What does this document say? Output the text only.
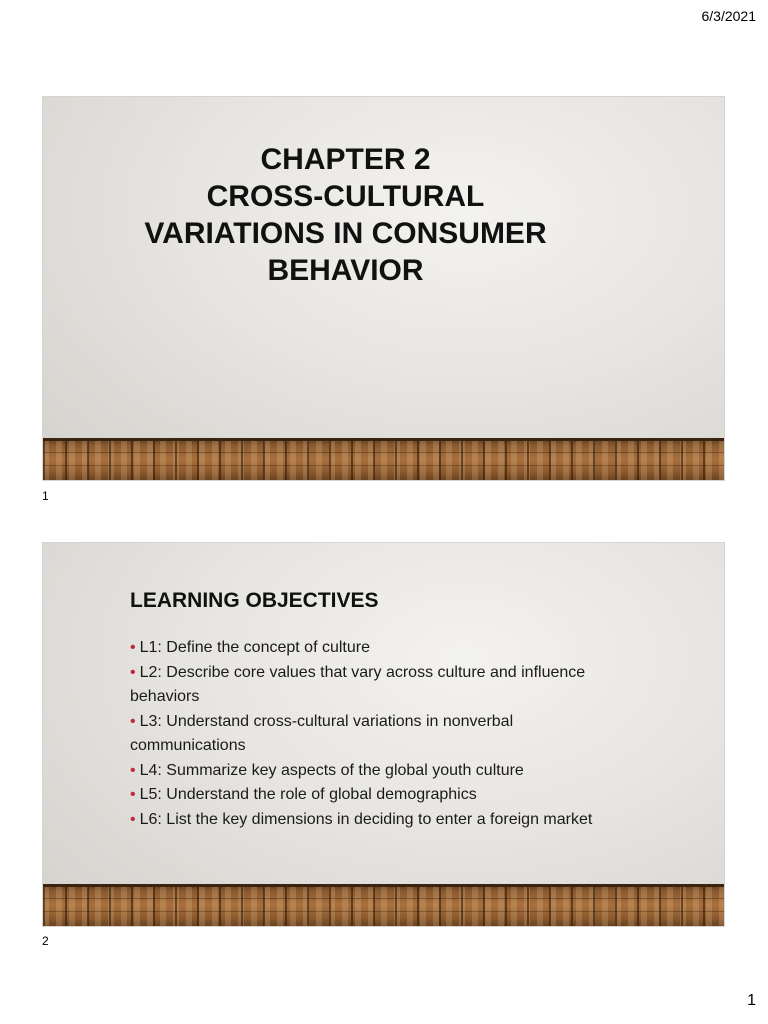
6/3/2021
CHAPTER 2
CROSS-CULTURAL
VARIATIONS IN CONSUMER
BEHAVIOR
1
LEARNING OBJECTIVES
• L1: Define the concept of culture
• L2: Describe core values that vary across culture and influence
behaviors
• L3: Understand cross-cultural variations in nonverbal
communications
• L4: Summarize key aspects of the global youth culture
• L5: Understand the role of global demographics
• L6: List the key dimensions in deciding to enter a foreign market
2
1
